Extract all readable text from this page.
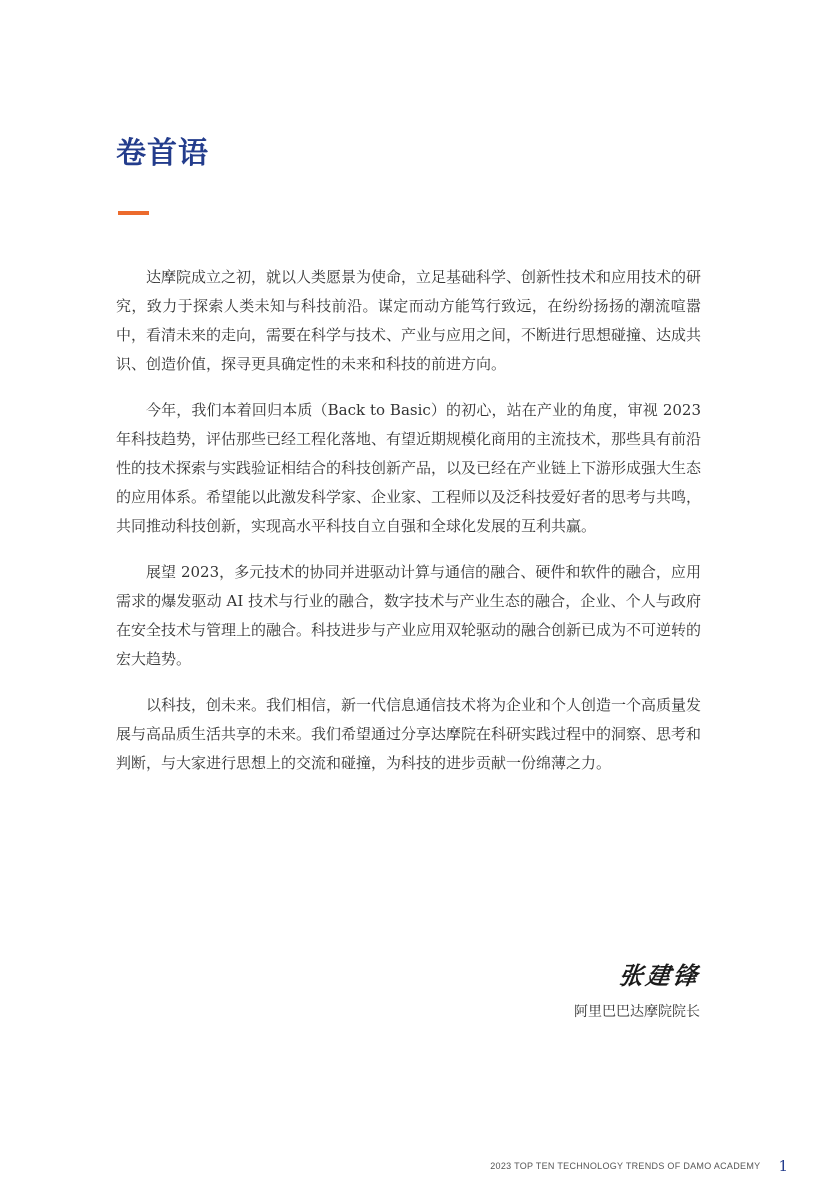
卷首语

达摩院成立之初，就以人类愿景为使命，立足基础科学、创新性技术和应用技术的研究，致力于探索人类未知与科技前沿。谋定而动方能笃行致远，在纷纷扬扬的潮流喧嚣中，看清未来的走向，需要在科学与技术、产业与应用之间，不断进行思想碰撞、达成共识、创造价值，探寻更具确定性的未来和科技的前进方向。

今年，我们本着回归本质（Back to Basic）的初心，站在产业的角度，审视 2023 年科技趋势，评估那些已经工程化落地、有望近期规模化商用的主流技术，那些具有前沿性的技术探索与实践验证相结合的科技创新产品，以及已经在产业链上下游形成强大生态的应用体系。希望能以此激发科学家、企业家、工程师以及泛科技爱好者的思考与共鸣，共同推动科技创新，实现高水平科技自立自强和全球化发展的互利共赢。

展望 2023，多元技术的协同并进驱动计算与通信的融合、硬件和软件的融合，应用需求的爆发驱动 AI 技术与行业的融合，数字技术与产业生态的融合，企业、个人与政府在安全技术与管理上的融合。科技进步与产业应用双轮驱动的融合创新已成为不可逆转的宏大趋势。

以科技，创未来。我们相信，新一代信息通信技术将为企业和个人创造一个高质量发展与高品质生活共享的未来。我们希望通过分享达摩院在科研实践过程中的洞察、思考和判断，与大家进行思想上的交流和碰撞，为科技的进步贡献一份绵薄之力。

张建锋
阿里巴巴达摩院院长
2023 TOP TEN TECHNOLOGY TRENDS OF DAMO ACADEMY 1
